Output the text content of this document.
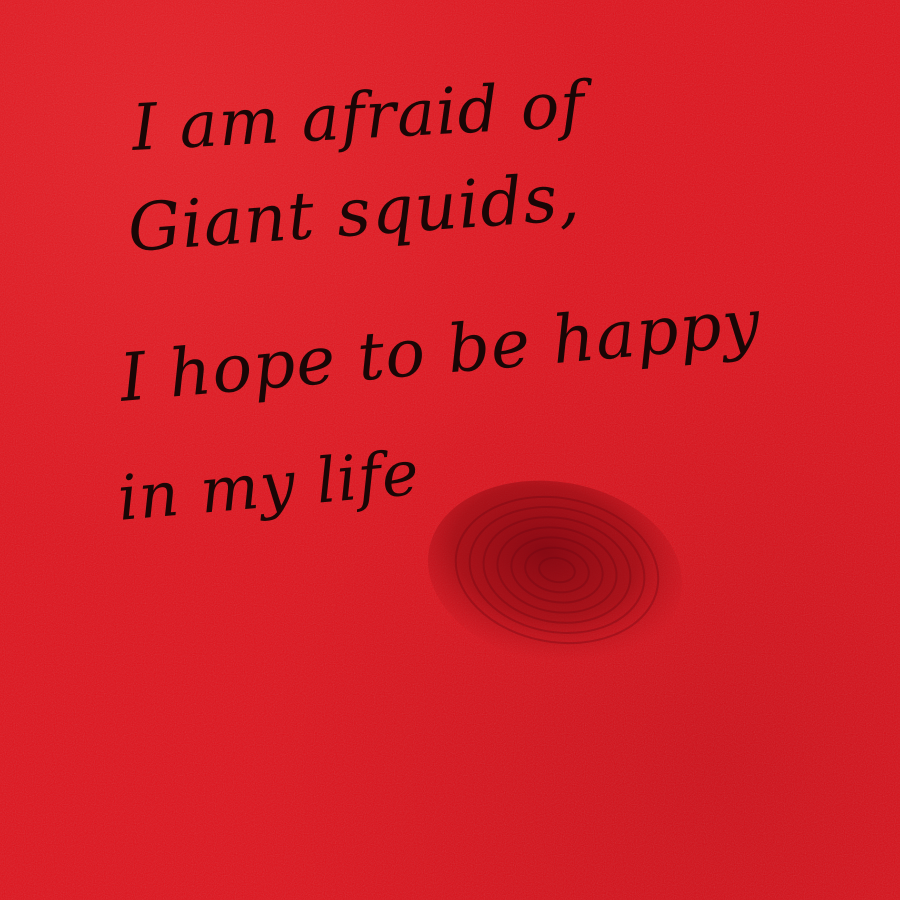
I am afraid of

Giant squids,

I hope to be happy

in my life
